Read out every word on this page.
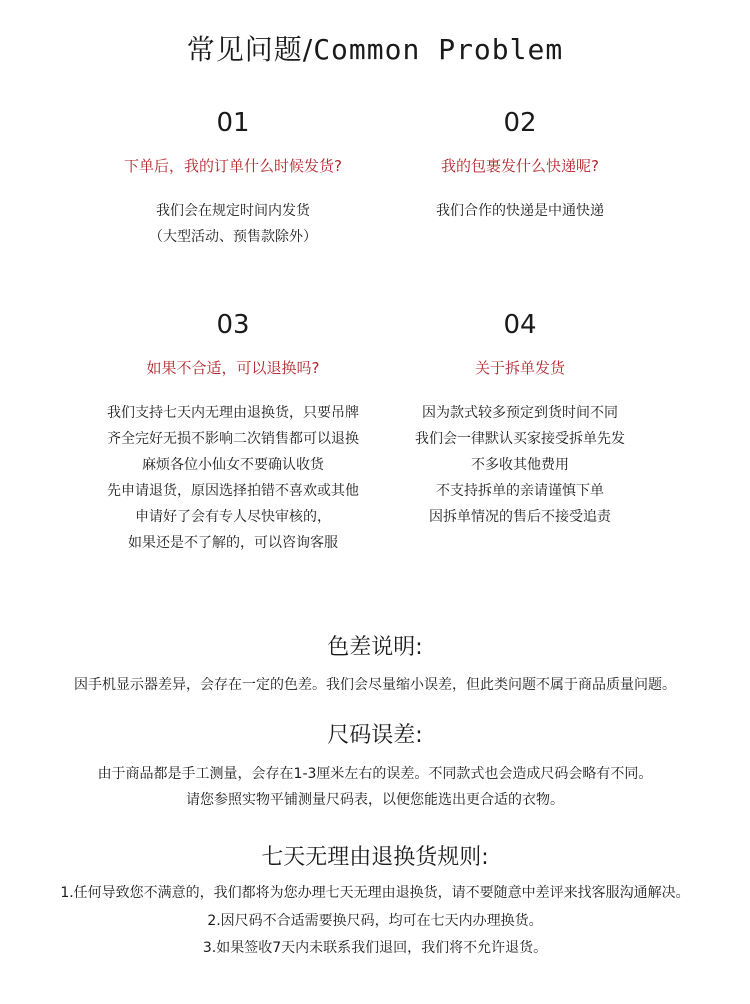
常见问题/Common Problem
01
下单后，我的订单什么时候发货?
我们会在规定时间内发货
（大型活动、预售款除外）
02
我的包裹发什么快递呢?
我们合作的快递是中通快递
03
如果不合适，可以退换吗?
我们支持七天内无理由退换货，只要吊牌
齐全完好无损不影响二次销售都可以退换
麻烦各位小仙女不要确认收货
先申请退货，原因选择拍错不喜欢或其他
申请好了会有专人尽快审核的，
如果还是不了解的，可以咨询客服
04
关于拆单发货
因为款式较多预定到货时间不同
我们会一律默认买家接受拆单先发
不多收其他费用
不支持拆单的亲请谨慎下单
因拆单情况的售后不接受追责
色差说明:
因手机显示器差异，会存在一定的色差。我们会尽量缩小误差，但此类问题不属于商品质量问题。
尺码误差:
由于商品都是手工测量，会存在1-3厘米左右的误差。不同款式也会造成尺码会略有不同。
请您参照实物平铺测量尺码表，以便您能选出更合适的衣物。
七天无理由退换货规则:
1.任何导致您不满意的，我们都将为您办理七天无理由退换货，请不要随意中差评来找客服沟通解决。
2.因尺码不合适需要换尺码，均可在七天内办理换货。
3.如果签收7天内未联系我们退回，我们将不允许退货。
